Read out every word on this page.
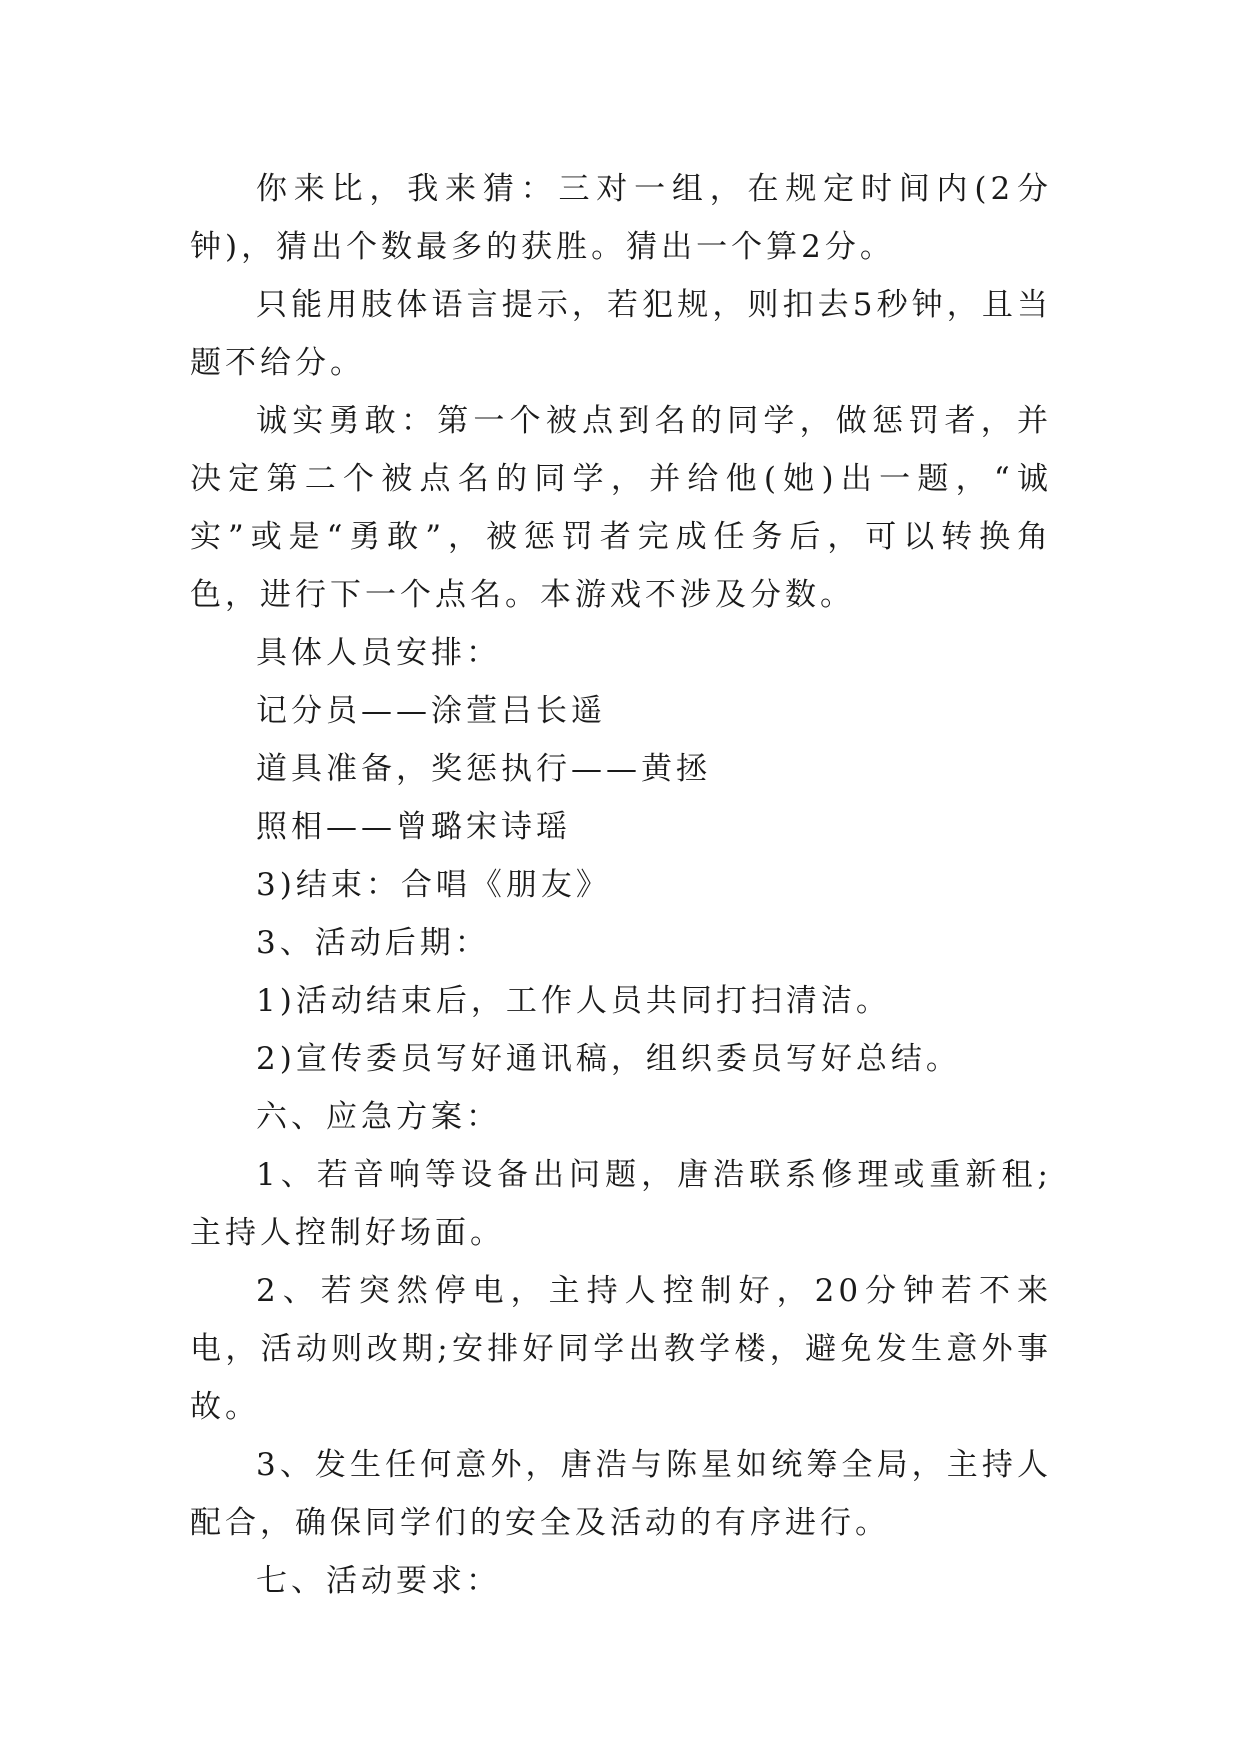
你来比，我来猜：三对一组，在规定时间内(2分钟)，猜出个数最多的获胜。猜出一个算2分。

只能用肢体语言提示，若犯规，则扣去5秒钟，且当题不给分。

诚实勇敢：第一个被点到名的同学，做惩罚者，并决定第二个被点名的同学，并给他(她)出一题，“诚实”或是“勇敢”，被惩罚者完成任务后，可以转换角色，进行下一个点名。本游戏不涉及分数。

具体人员安排：

记分员——涂萱吕长遥

道具准备，奖惩执行——黄拯

照相——曾璐宋诗瑶

3)结束：合唱《朋友》

3、活动后期：

1)活动结束后，工作人员共同打扫清洁。

2)宣传委员写好通讯稿，组织委员写好总结。

六、应急方案：

1、若音响等设备出问题，唐浩联系修理或重新租;主持人控制好场面。

2、若突然停电，主持人控制好，20分钟若不来电，活动则改期;安排好同学出教学楼，避免发生意外事故。

3、发生任何意外，唐浩与陈星如统筹全局，主持人配合，确保同学们的安全及活动的有序进行。

七、活动要求：
